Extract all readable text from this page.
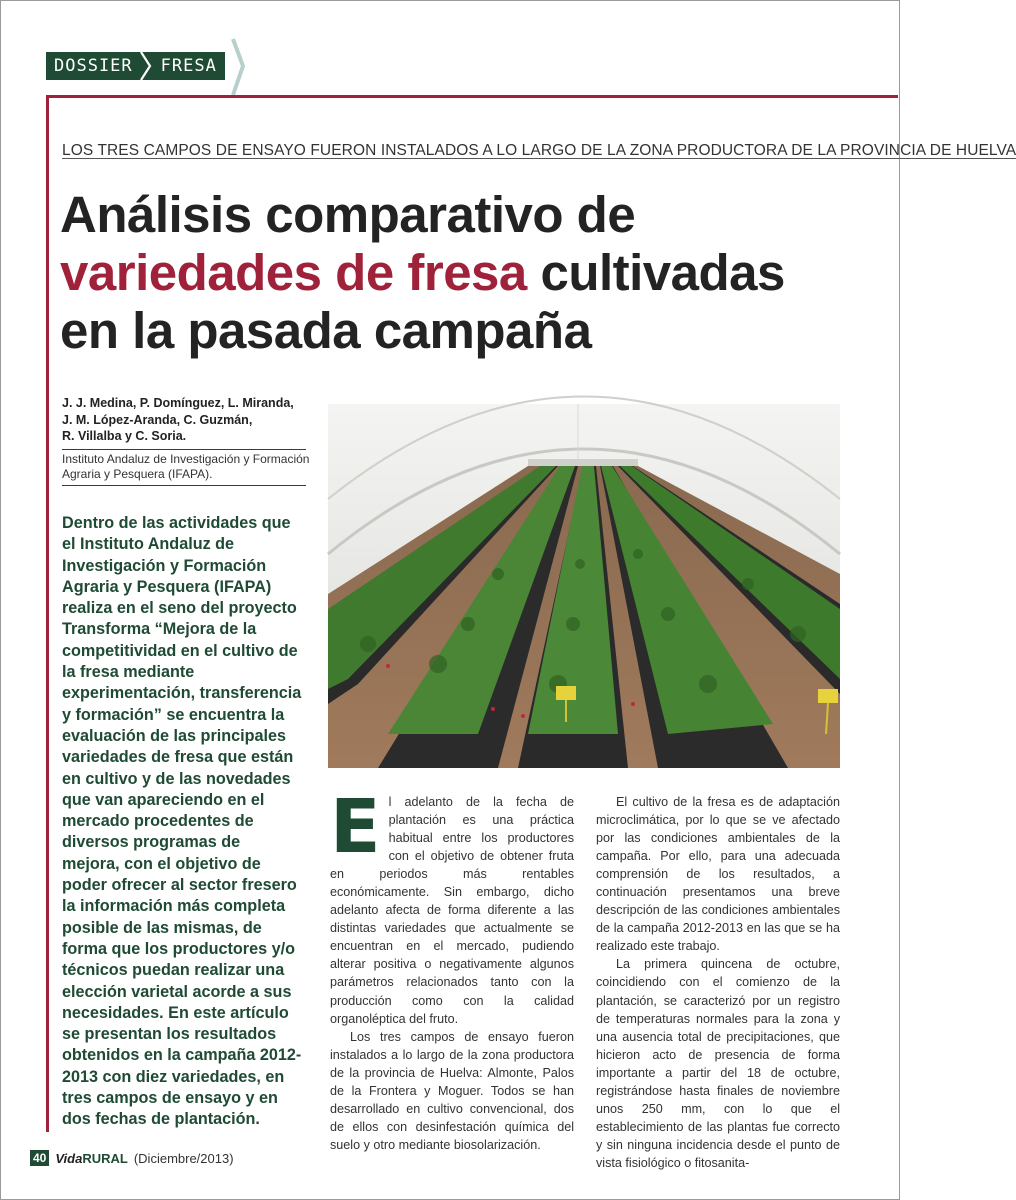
DOSSIER	FRESA
LOS TRES CAMPOS DE ENSAYO FUERON INSTALADOS A LO LARGO DE LA ZONA PRODUCTORA DE LA PROVINCIA DE HUELVA
Análisis comparativo de
variedades de fresa cultivadas
en la pasada campaña
J. J. Medina, P. Domínguez, L. Miranda,
J. M. López-Aranda, C. Guzmán,
R. Villalba y C. Soria.
Instituto Andaluz de Investigación y Formación Agraria y Pesquera (IFAPA).
Dentro de las actividades que el Instituto Andaluz de Investigación y Formación Agraria y Pesquera (IFAPA) realiza en el seno del proyecto Transforma “Mejora de la competitividad en el cultivo de la fresa mediante experimentación, transferencia y formación” se encuentra la evaluación de las principales variedades de fresa que están en cultivo y de las novedades que van apareciendo en el mercado procedentes de diversos programas de mejora, con el objetivo de poder ofrecer al sector fresero la información más completa posible de las mismas, de forma que los productores y/o técnicos puedan realizar una elección varietal acorde a sus necesidades. En este artículo se presentan los resultados obtenidos en la campaña 2012-2013 con diez variedades, en tres campos de ensayo y en dos fechas de plantación.

El adelanto de la fecha de plantación es una práctica habitual entre los productores con el objetivo de obtener fruta en periodos más rentables económicamente. Sin embargo, dicho adelanto afecta de forma diferente a las distintas variedades que actualmente se encuentran en el mercado, pudiendo alterar positiva o negativamente algunos parámetros relacionados tanto con la producción como con la calidad organoléptica del fruto.

Los tres campos de ensayo fueron instalados a lo largo de la zona productora de la provincia de Huelva: Almonte, Palos de la Frontera y Moguer. Todos se han desarrollado en cultivo convencional, dos de ellos con desinfestación química del suelo y otro mediante biosolarización.

El cultivo de la fresa es de adaptación microclimática, por lo que se ve afectado por las condiciones ambientales de la campaña. Por ello, para una adecuada comprensión de los resultados, a continuación presentamos una breve descripción de las condiciones ambientales de la campaña 2012-2013 en las que se ha realizado este trabajo.

La primera quincena de octubre, coincidiendo con el comienzo de la plantación, se caracterizó por un registro de temperaturas normales para la zona y una ausencia total de precipitaciones, que hicieron acto de presencia de forma importante a partir del 18 de octubre, registrándose hasta finales de noviembre unos 250 mm, con lo que el establecimiento de las plantas fue correcto y sin ninguna incidencia desde el punto de vista fisiológico o fitosanita-

40 VidaRURAL (Diciembre/2013)
